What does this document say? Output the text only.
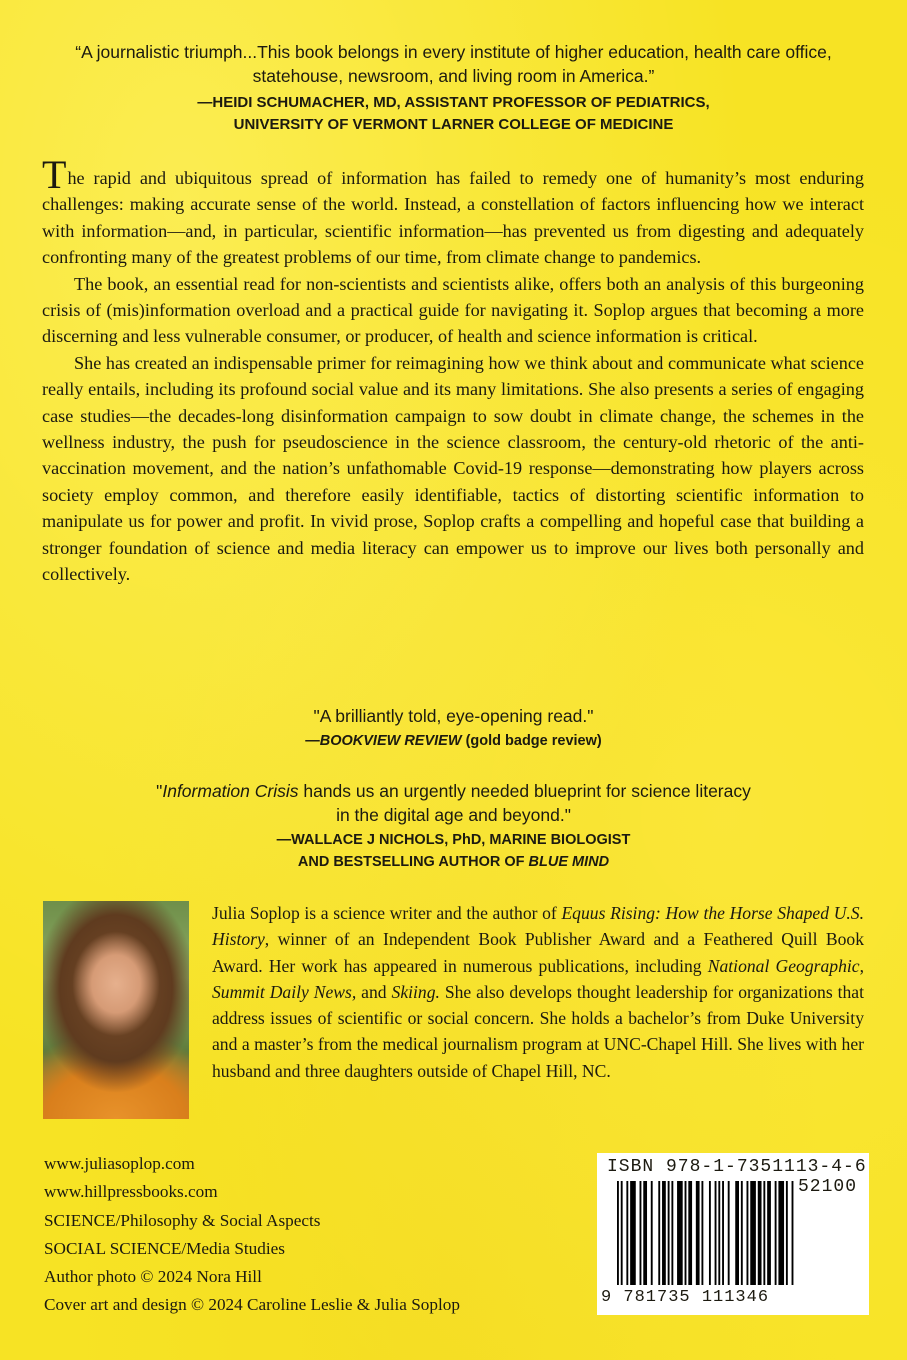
“A journalistic triumph...This book belongs in every institute of higher education, health care office, statehouse, newsroom, and living room in America.”
—HEIDI SCHUMACHER, MD, ASSISTANT PROFESSOR OF PEDIATRICS,
UNIVERSITY OF VERMONT LARNER COLLEGE OF MEDICINE

The rapid and ubiquitous spread of information has failed to remedy one of humanity’s most enduring challenges: making accurate sense of the world. Instead, a constellation of factors influencing how we interact with information—and, in particular, scientific information—has prevented us from digesting and adequately confronting many of the greatest problems of our time, from climate change to pandemics.

The book, an essential read for non-scientists and scientists alike, offers both an analysis of this burgeoning crisis of (mis)information overload and a practical guide for navigating it. Soplop argues that becoming a more discerning and less vulnerable consumer, or producer, of health and science information is critical.

She has created an indispensable primer for reimagining how we think about and communicate what science really entails, including its profound social value and its many limitations. She also presents a series of engaging case studies—the decades-long disinformation campaign to sow doubt in climate change, the schemes in the wellness industry, the push for pseudoscience in the science classroom, the century-old rhetoric of the anti-vaccination movement, and the nation’s unfathomable Covid-19 response—demonstrating how players across society employ common, and therefore easily identifiable, tactics of distorting scientific information to manipulate us for power and profit. In vivid prose, Soplop crafts a compelling and hopeful case that building a stronger foundation of science and media literacy can empower us to improve our lives both personally and collectively.

"A brilliantly told, eye-opening read."
—BOOKVIEW REVIEW (gold badge review)
"Information Crisis hands us an urgently needed blueprint for science literacy in the digital age and beyond."
—WALLACE J NICHOLS, PhD, MARINE BIOLOGIST
AND BESTSELLING AUTHOR OF BLUE MIND
Julia Soplop is a science writer and the author of Equus Rising: How the Horse Shaped U.S. History, winner of an Independent Book Publisher Award and a Feathered Quill Book Award. Her work has appeared in numerous publications, including National Geographic, Summit Daily News, and Skiing. She also develops thought leadership for organizations that address issues of scientific or social concern. She holds a bachelor’s from Duke University and a master’s from the medical journalism program at UNC-Chapel Hill. She lives with her husband and three daughters outside of Chapel Hill, NC.
www.juliasoplop.com
www.hillpressbooks.com
SCIENCE/Philosophy & Social Aspects
SOCIAL SCIENCE/Media Studies
Author photo © 2024 Nora Hill
Cover art and design © 2024 Caroline Leslie & Julia Soplop
ISBN 978-1-7351113-4-6
52100
9 781735 111346
